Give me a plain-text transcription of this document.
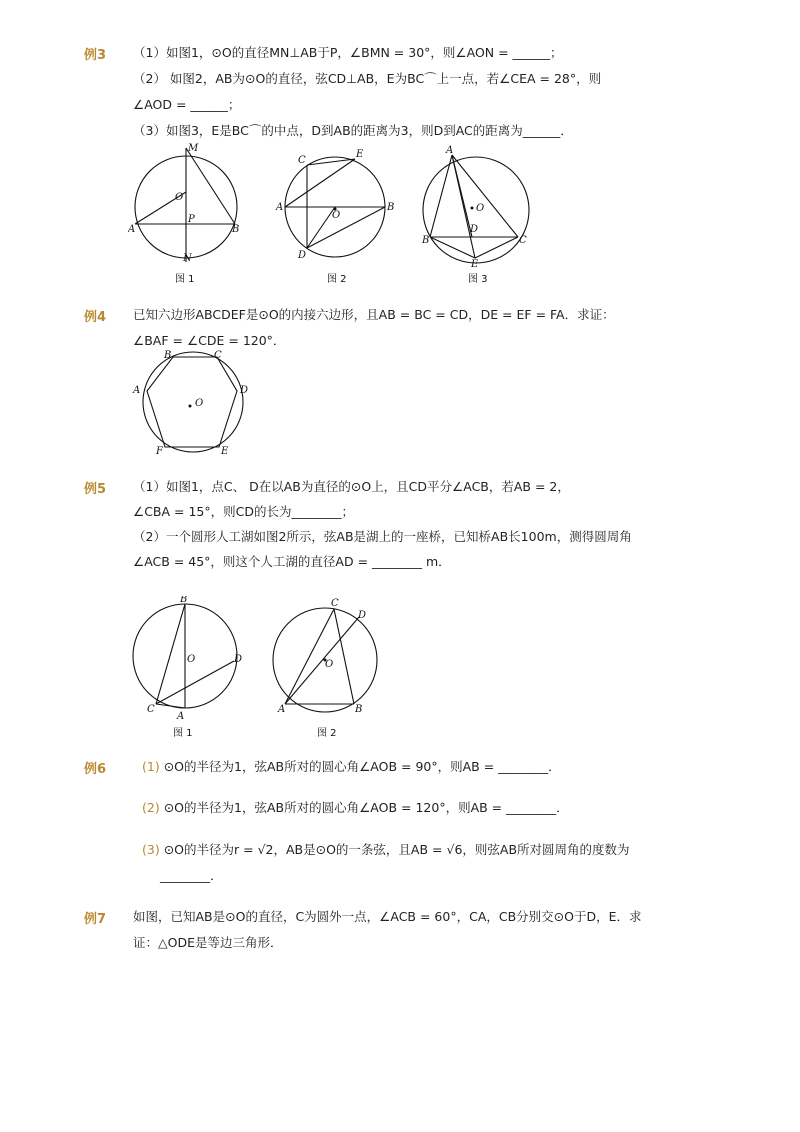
例3 （1）如图1，⊙O的直径MN⊥AB于P，∠BMN = 30°，则∠AON = ______；
（2） 如图2，AB为⊙O的直径，弦CD⊥AB，E为BC⌒上一点，若∠CEA = 28°，则
∠AOD = ______；
（3）如图3，E是BC⌒的中点，D到AB的距离为3，则D到AC的距离为______．
M
O
P
A	B
N
图 1
C
E
A	B
O
D
图 2
A
O
D
B	C
E
图 3
例4 已知六边形ABCDEF是⊙O的内接六边形，且AB = BC = CD，DE = EF = FA．求证：
∠BAF = ∠CDE = 120°．
B	C
A	D
O
E
F
例5 （1）如图1，点C、 D在以AB为直径的⊙O上，且CD平分∠ACB，若AB = 2，
∠CBA = 15°，则CD的长为________；
（2）一个圆形人工湖如图2所示，弦AB是湖上的一座桥，已知桥AB长100m，测得圆周角
∠ACB = 45°，则这个人工湖的直径AD = ________ m．
B
O	D
C
A
图 1
C
D
O
A	B
图 2
例6	(1) ⊙O的半径为1，弦AB所对的圆心角∠AOB = 90°，则AB = ________．
(2) ⊙O的半径为1，弦AB所对的圆心角∠AOB = 120°，则AB = ________．
(3) ⊙O的半径为r = √2，AB是⊙O的一条弦，且AB = √6，则弦AB所对圆周角的度数为
________．
例7 如图，已知AB是⊙O的直径，C为圆外一点，∠ACB = 60°，CA，CB分别交⊙O于D，E．求
证：△ODE是等边三角形．
